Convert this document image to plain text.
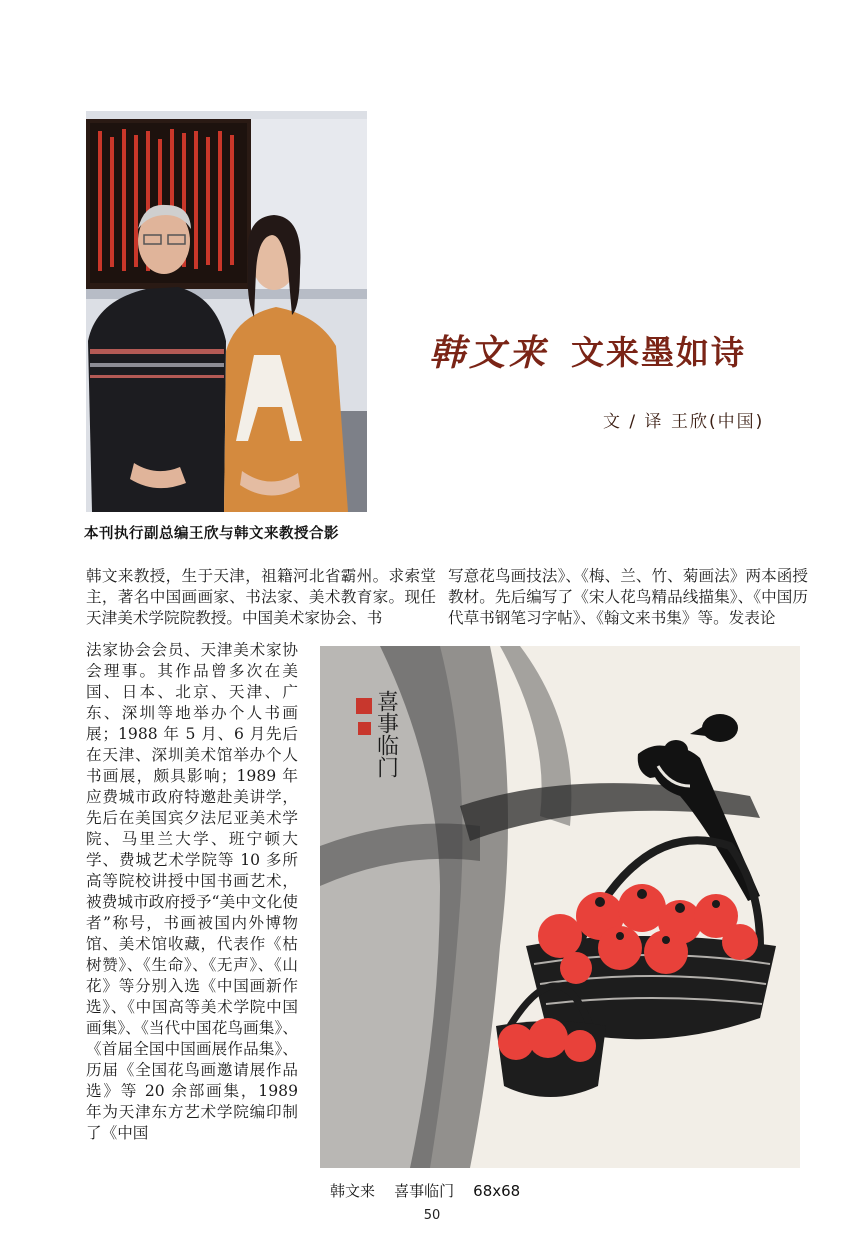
本刊执行副总编王欣与韩文来教授合影
韩文来 文来墨如诗
文 / 译 王欣(中国)
韩文来教授，生于天津，祖籍河北省霸州。求索堂主，著名中国画画家、书法家、美术教育家。现任天津美术学院院教授。中国美术家协会、书
写意花鸟画技法》、《梅、兰、竹、菊画法》两本函授教材。先后编写了《宋人花鸟精品线描集》、《中国历代草书钢笔习字帖》、《翰文来书集》等。发表论
法家协会会员、天津美术家协会理事。其作品曾多次在美国、日本、北京、天津、广东、深圳等地举办个人书画展；1988 年 5 月、6 月先后在天津、深圳美术馆举办个人书画展，颇具影响；1989 年应费城市政府特邀赴美讲学，先后在美国宾夕法尼亚美术学院、马里兰大学、班宁顿大学、费城艺术学院等 10 多所高等院校讲授中国书画艺术，被费城市政府授予“美中文化使者”称号，书画被国内外博物馆、美术馆收藏，代表作《枯树赞》、《生命》、《无声》、《山花》等分别入选《中国画新作选》、《中国高等美术学院中国画集》、《当代中国花鸟画集》、《首届全国中国画展作品集》、历届《全国花鸟画邀请展作品选》等 20 余部画集，1989 年为天津东方艺术学院编印制了《中国
喜事临门
韩文来    喜事临门    68x68
50
